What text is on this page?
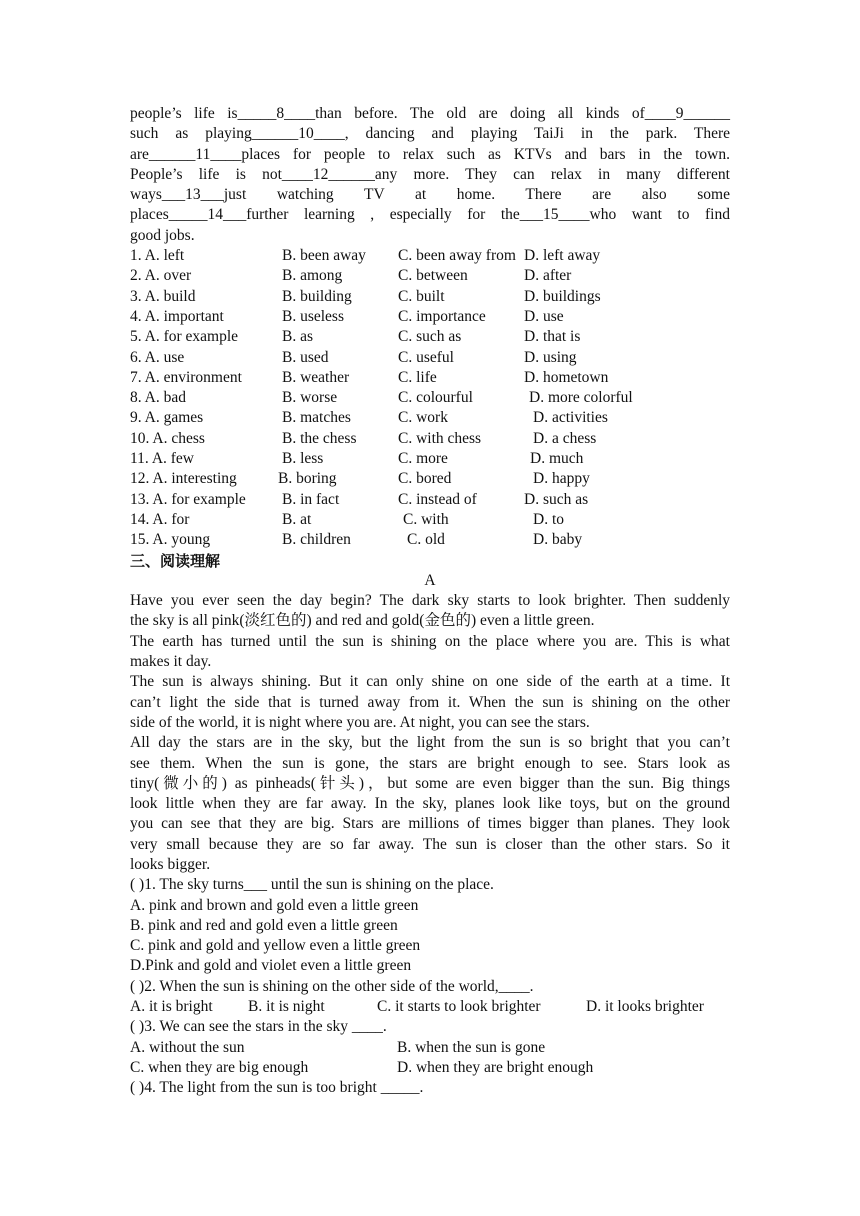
people’s life is_____8____than before. The old are doing all kinds of____9______
such as playing______10____, dancing and playing TaiJi in the park. There
are______11____places for people to relax such as KTVs and bars in the town.
People’s life is not____12______any more. They can relax in many different
ways___13___just watching TV at home. There are also some
places_____14___further learning , especially for the___15____who want to find
good jobs.
1. A. left	B. been away C. been away from D. left away
2. A. over	B. among	C. between	D. after
3. A. build	B. building	C. built	D. buildings
4. A. important	B. useless	C. importance D. use
5. A. for example	B. as	C. such as	D. that is
6. A. use	B. used	C. useful	D. using
7. A. environment	B. weather	C. life	D. hometown
8. A. bad	B. worse	C. colourful	D. more colorful
9. A. games	B. matches	C. work	D. activities
10. A. chess	B. the chess	C. with chess	D. a chess
11. A. few	B. less	C. more	D. much
12. A. interesting	B. boring	C. bored	D. happy
13. A. for example B. in fact	C. instead of	D. such as
14. A. for	B. at	C. with	D. to
15. A. young	B. children	C. old	D. baby
三、阅读理解
A
Have you ever seen the day begin? The dark sky starts to look brighter. Then suddenly
the sky is all pink(淡红色的) and red and gold(金色的) even a little green.
The earth has turned until the sun is shining on the place where you are. This is what
makes it day.
The sun is always shining. But it can only shine on one side of the earth at a time. It
can’t light the side that is turned away from it. When the sun is shining on the other
side of the world, it is night where you are. At night, you can see the stars.
All day the stars are in the sky, but the light from the sun is so bright that you can’t
see them. When the sun is gone, the stars are bright enough to see. Stars look as
tiny(微小的) as pinheads(针头)，but some are even bigger than the sun. Big things
look little when they are far away. In the sky, planes look like toys, but on the ground
you can see that they are big. Stars are millions of times bigger than planes. They look
very small because they are so far away. The sun is closer than the other stars. So it
looks bigger.
( )1. The sky turns___ until the sun is shining on the place.
A. pink and brown and gold even a little green
B. pink and red and gold even a little green
C. pink and gold and yellow even a little green
D.Pink and gold and violet even a little green
( )2. When the sun is shining on the other side of the world,____.
A. it is bright B. it is night	C. it starts to look brighter	D. it looks brighter
( )3. We can see the stars in the sky ____.
A. without the sun	B. when the sun is gone
C. when they are big enough	D. when they are bright enough
( )4. The light from the sun is too bright _____.
